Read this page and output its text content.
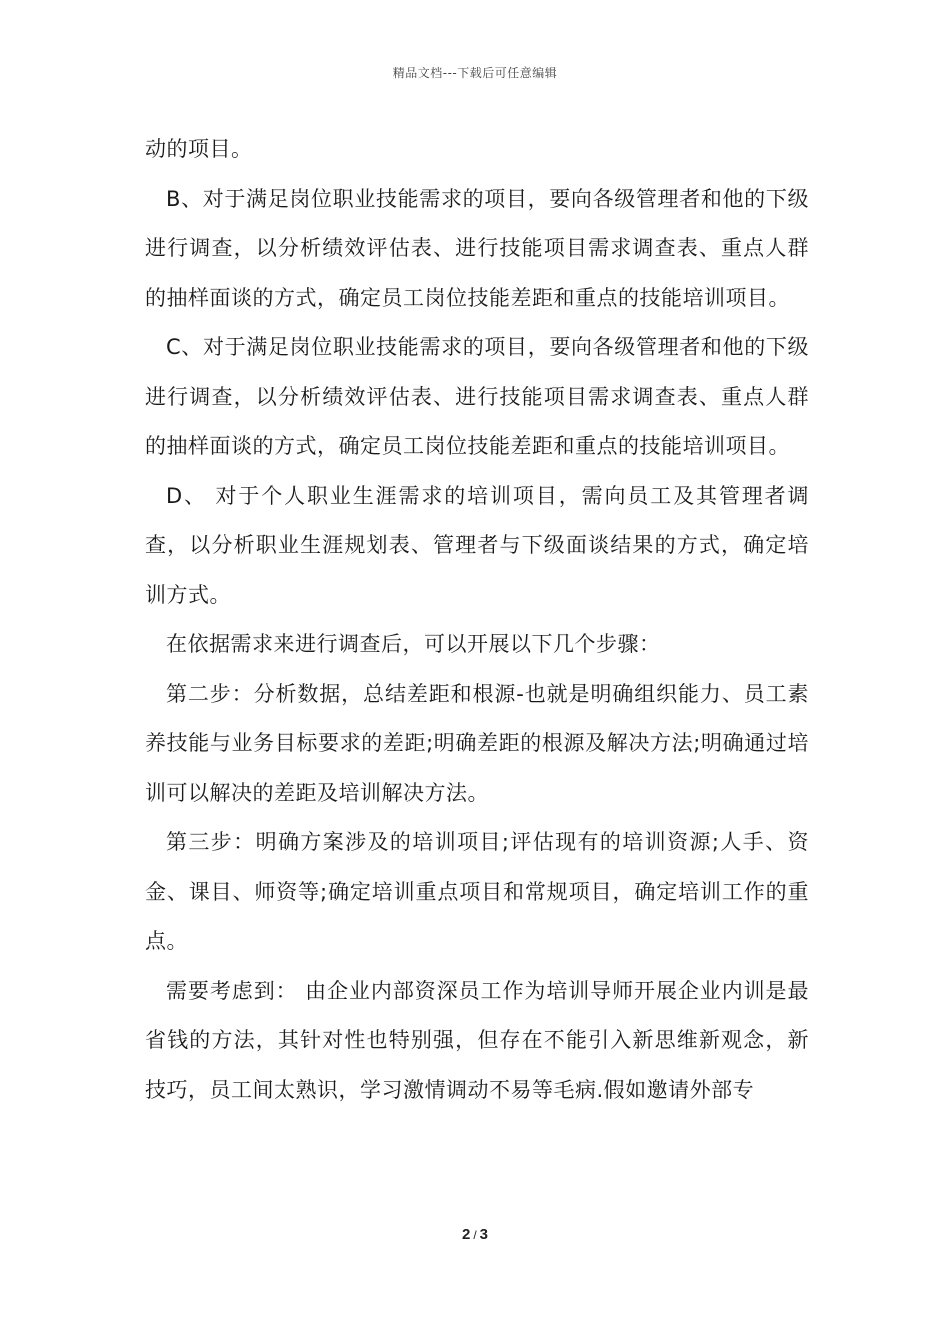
精品文档---下载后可任意编辑

动的项目。

B、对于满足岗位职业技能需求的项目，要向各级管理者和他的下级进行调查，以分析绩效评估表、进行技能项目需求调查表、重点人群的抽样面谈的方式，确定员工岗位技能差距和重点的技能培训项目。

C、对于满足岗位职业技能需求的项目，要向各级管理者和他的下级进行调查，以分析绩效评估表、进行技能项目需求调查表、重点人群的抽样面谈的方式，确定员工岗位技能差距和重点的技能培训项目。

D、 对于个人职业生涯需求的培训项目，需向员工及其管理者调查，以分析职业生涯规划表、管理者与下级面谈结果的方式，确定培训方式。

在依据需求来进行调查后，可以开展以下几个步骤：

第二步：分析数据，总结差距和根源-也就是明确组织能力、员工素养技能与业务目标要求的差距;明确差距的根源及解决方法;明确通过培训可以解决的差距及培训解决方法。

第三步：明确方案涉及的培训项目;评估现有的培训资源;人手、资金、课目、师资等;确定培训重点项目和常规项目，确定培训工作的重点。

需要考虑到： 由企业内部资深员工作为培训导师开展企业内训是最省钱的方法，其针对性也特别强，但存在不能引入新思维新观念，新技巧，员工间太熟识，学习激情调动不易等毛病.假如邀请外部专

2 / 3
